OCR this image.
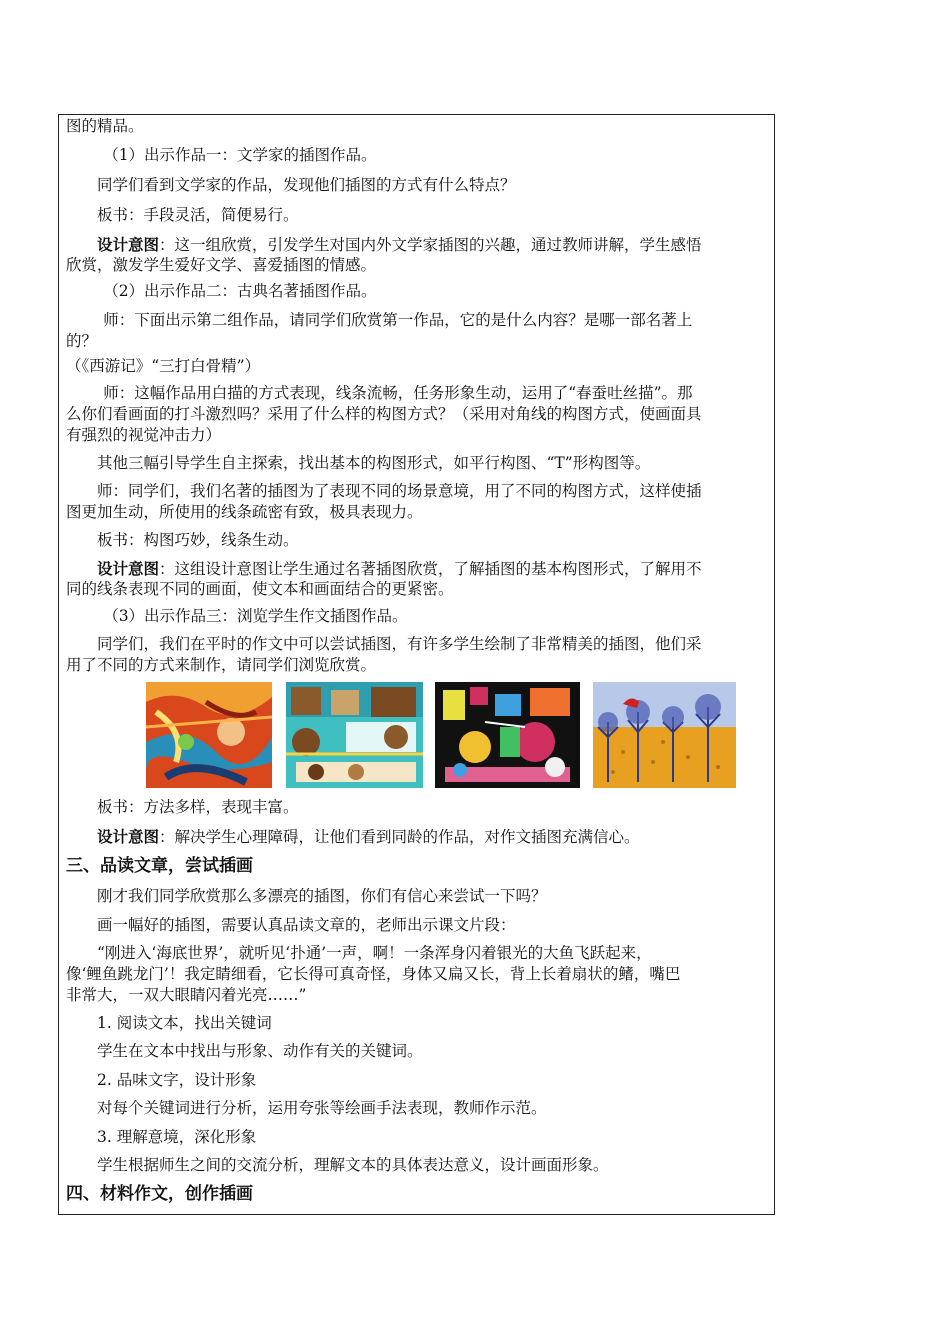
图的精品。

（1）出示作品一：文学家的插图作品。

同学们看到文学家的作品，发现他们插图的方式有什么特点？

板书：手段灵活，简便易行。

设计意图：这一组欣赏，引发学生对国内外文学家插图的兴趣，通过教师讲解，学生感悟

欣赏，激发学生爱好文学、喜爱插图的情感。

（2）出示作品二：古典名著插图作品。

师：下面出示第二组作品，请同学们欣赏第一作品，它的是什么内容？是哪一部名著上

的？

（《西游记》“三打白骨精”）

师：这幅作品用白描的方式表现，线条流畅，任务形象生动，运用了“春蚕吐丝描”。那

么你们看画面的打斗激烈吗？采用了什么样的构图方式？（采用对角线的构图方式，使画面具

有强烈的视觉冲击力）

其他三幅引导学生自主探索，找出基本的构图形式，如平行构图、“T”形构图等。

师：同学们，我们名著的插图为了表现不同的场景意境，用了不同的构图方式，这样使插

图更加生动，所使用的线条疏密有致，极具表现力。

板书：构图巧妙，线条生动。

设计意图：这组设计意图让学生通过名著插图欣赏，了解插图的基本构图形式，了解用不

同的线条表现不同的画面，使文本和画面结合的更紧密。

（3）出示作品三：浏览学生作文插图作品。

同学们，我们在平时的作文中可以尝试插图，有许多学生绘制了非常精美的插图，他们采

用了不同的方式来制作，请同学们浏览欣赏。

板书：方法多样，表现丰富。

设计意图：解决学生心理障碍，让他们看到同龄的作品，对作文插图充满信心。

三、品读文章，尝试插画

刚才我们同学欣赏那么多漂亮的插图，你们有信心来尝试一下吗？

画一幅好的插图，需要认真品读文章的，老师出示课文片段：

“刚进入‘海底世界’，就听见‘扑通’一声，啊！一条浑身闪着银光的大鱼飞跃起来，

像‘鲤鱼跳龙门’！我定睛细看，它长得可真奇怪，身体又扁又长，背上长着扇状的鳍，嘴巴

非常大，一双大眼睛闪着光亮……”

1. 阅读文本，找出关键词

学生在文本中找出与形象、动作有关的关键词。

2. 品味文字，设计形象

对每个关键词进行分析，运用夸张等绘画手法表现，教师作示范。

3. 理解意境，深化形象

学生根据师生之间的交流分析，理解文本的具体表达意义，设计画面形象。

四、材料作文，创作插画
